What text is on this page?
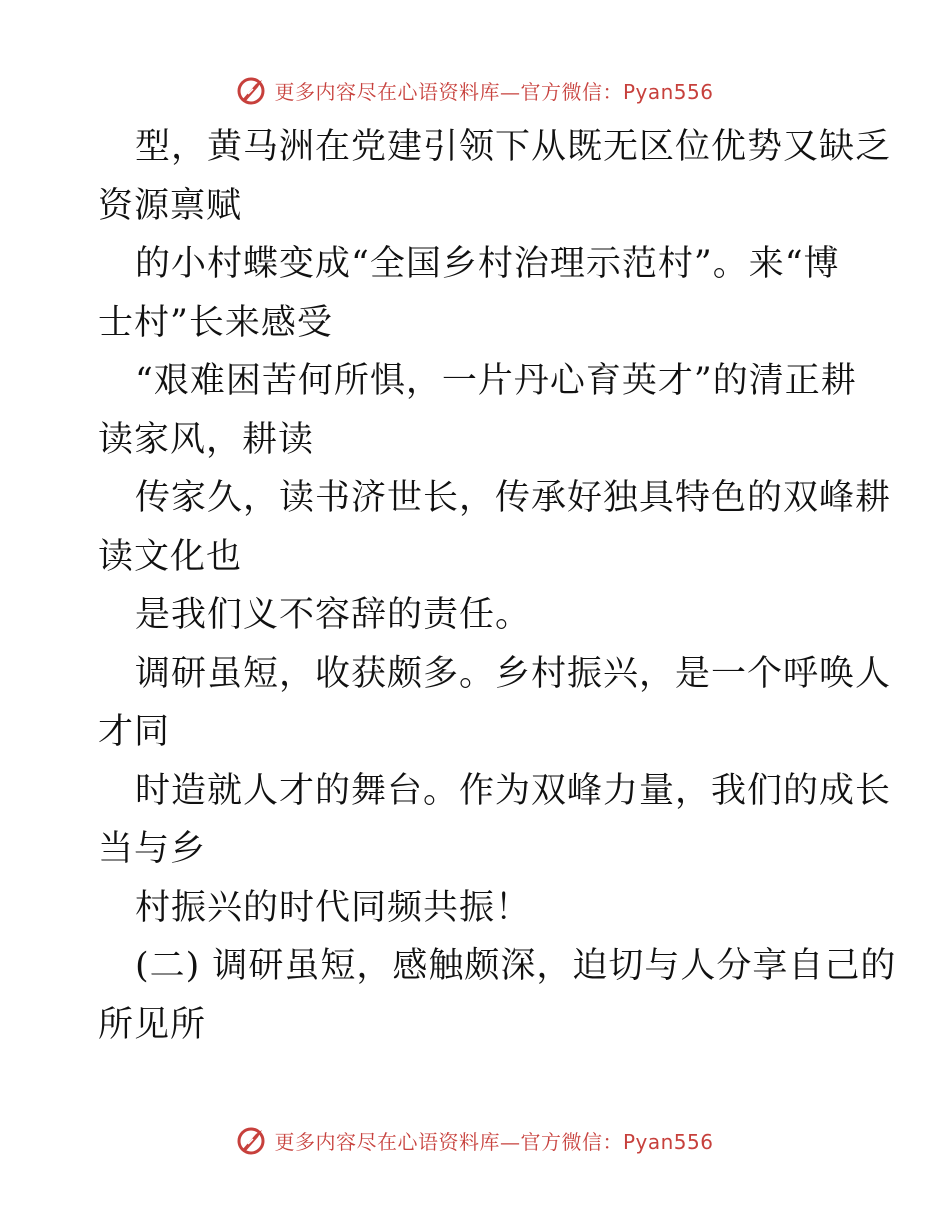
更多内容尽在心语资料库—官方微信：Pyan556
型，黄马洲在党建引领下从既无区位优势又缺乏
资源禀赋
的小村蝶变成“全国乡村治理示范村”。来“博
士村”长来感受
“艰难困苦何所惧，一片丹心育英才”的清正耕
读家风，耕读
传家久，读书济世长，传承好独具特色的双峰耕
读文化也
是我们义不容辞的责任。
调研虽短，收获颇多。乡村振兴，是一个呼唤人
才同
时造就人才的舞台。作为双峰力量，我们的成长
当与乡
村振兴的时代同频共振！
(二) 调研虽短，感触颇深，迫切与人分享自己的
所见所
更多内容尽在心语资料库—官方微信：Pyan556
